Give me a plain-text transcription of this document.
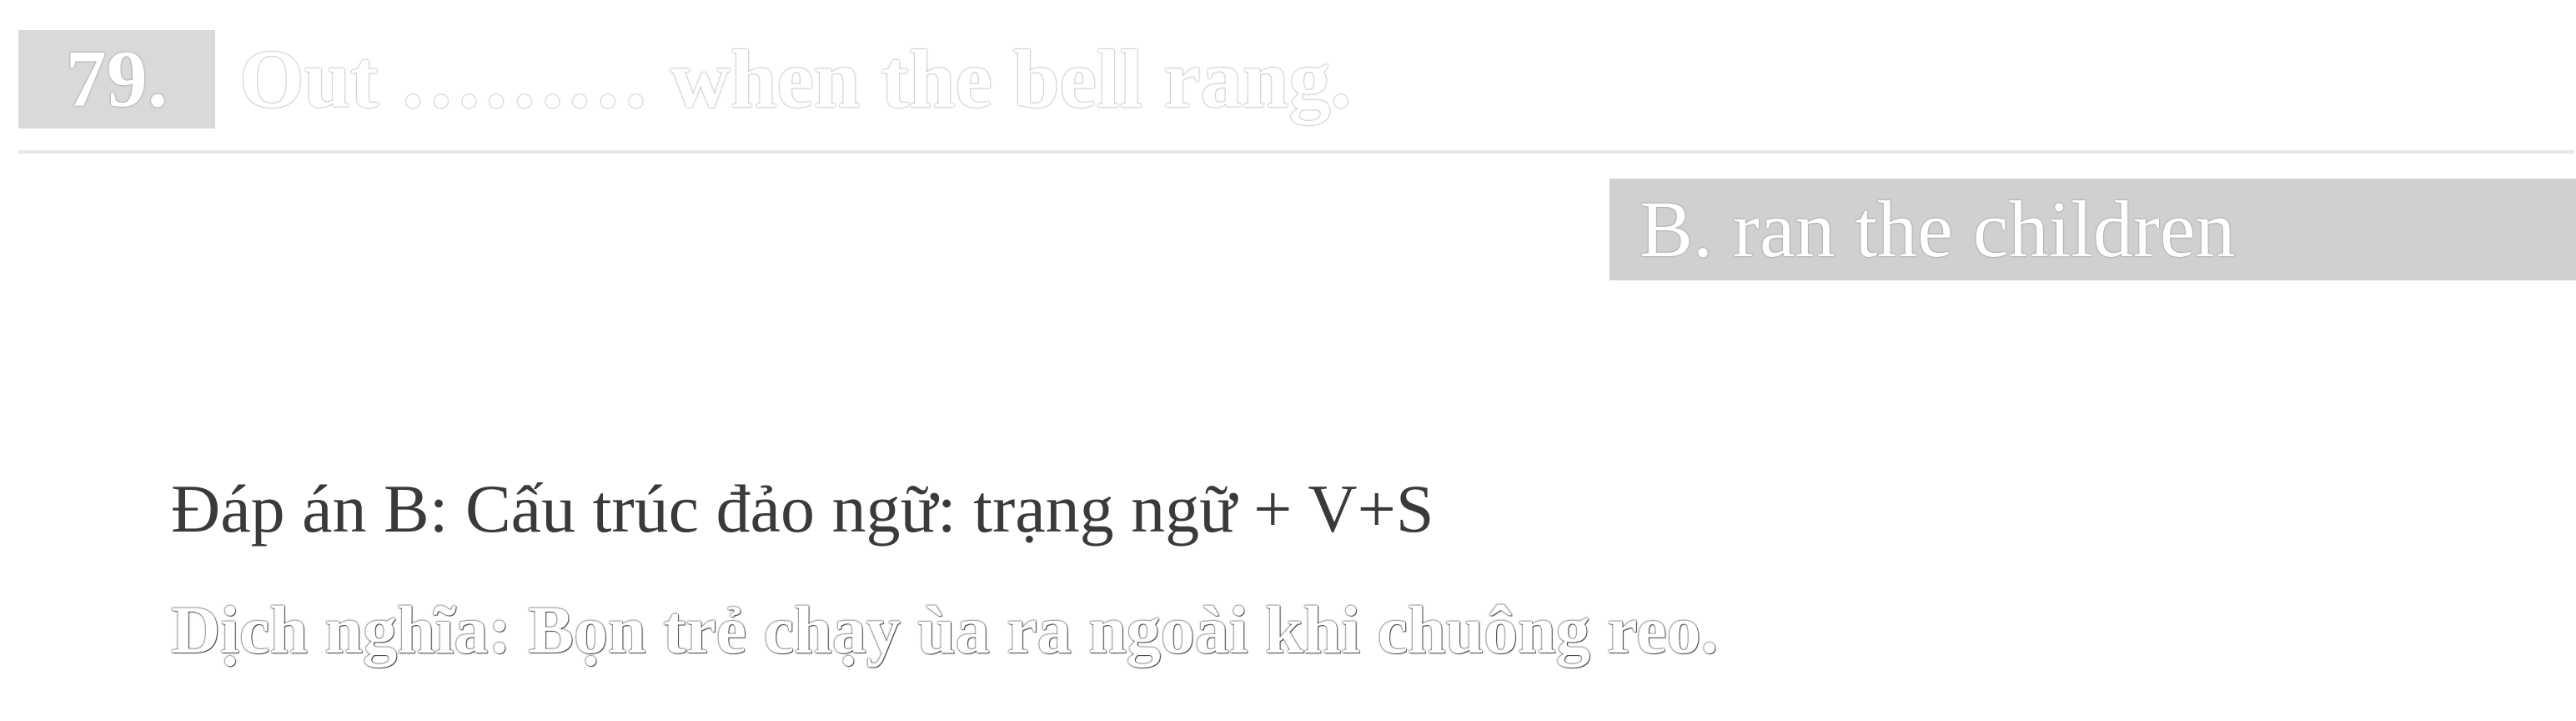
79. Out ……… when the bell rang.
B. ran the children
Đáp án B: Cấu trúc đảo ngữ: trạng ngữ + V+S
Dịch nghĩa: Bọn trẻ chạy ùa ra ngoài khi chuông reo.
